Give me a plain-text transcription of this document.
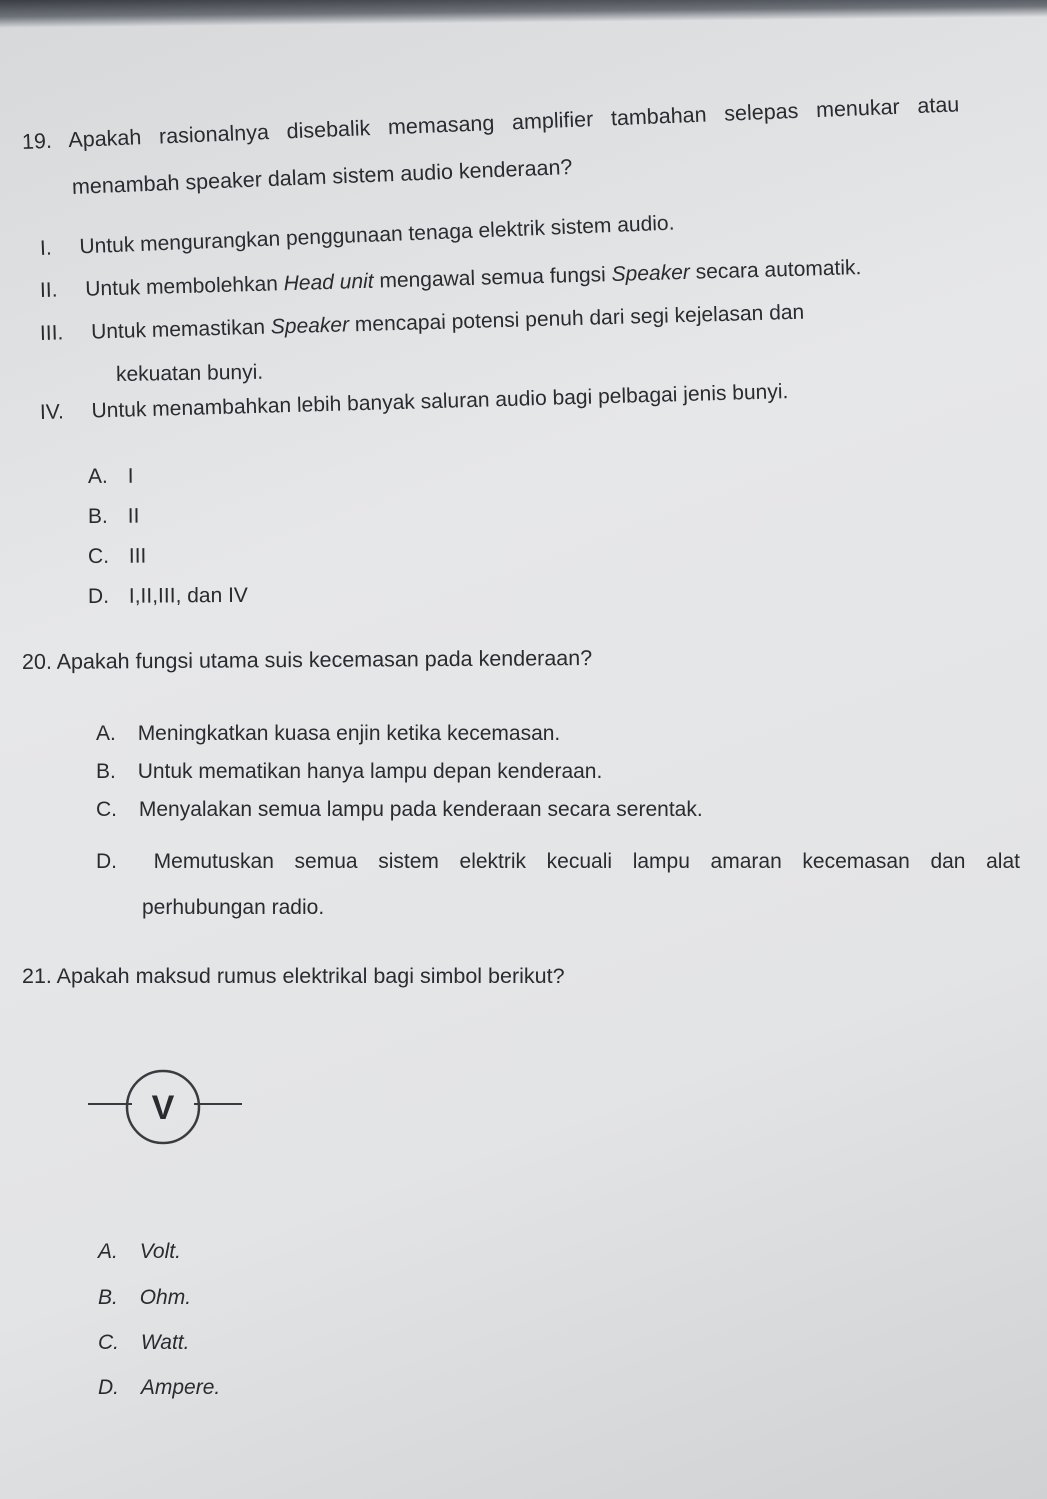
19. Apakah rasionalnya disebalik memasang amplifier tambahan selepas menukar atau
menambah speaker dalam sistem audio kenderaan?
I. Untuk mengurangkan penggunaan tenaga elektrik sistem audio.
II. Untuk membolehkan Head unit mengawal semua fungsi Speaker secara automatik.
III. Untuk memastikan Speaker mencapai potensi penuh dari segi kejelasan dan
kekuatan bunyi.
IV. Untuk menambahkan lebih banyak saluran audio bagi pelbagai jenis bunyi.
A. I
B. II
C. III
D. I,II,III, dan IV
20. Apakah fungsi utama suis kecemasan pada kenderaan?
A. Meningkatkan kuasa enjin ketika kecemasan.
B. Untuk mematikan hanya lampu depan kenderaan.
C. Menyalakan semua lampu pada kenderaan secara serentak.
D. Memutuskan semua sistem elektrik kecuali lampu amaran kecemasan dan alat
perhubungan radio.
21. Apakah maksud rumus elektrikal bagi simbol berikut?
V
A. Volt.
B. Ohm.
C. Watt.
D. Ampere.
